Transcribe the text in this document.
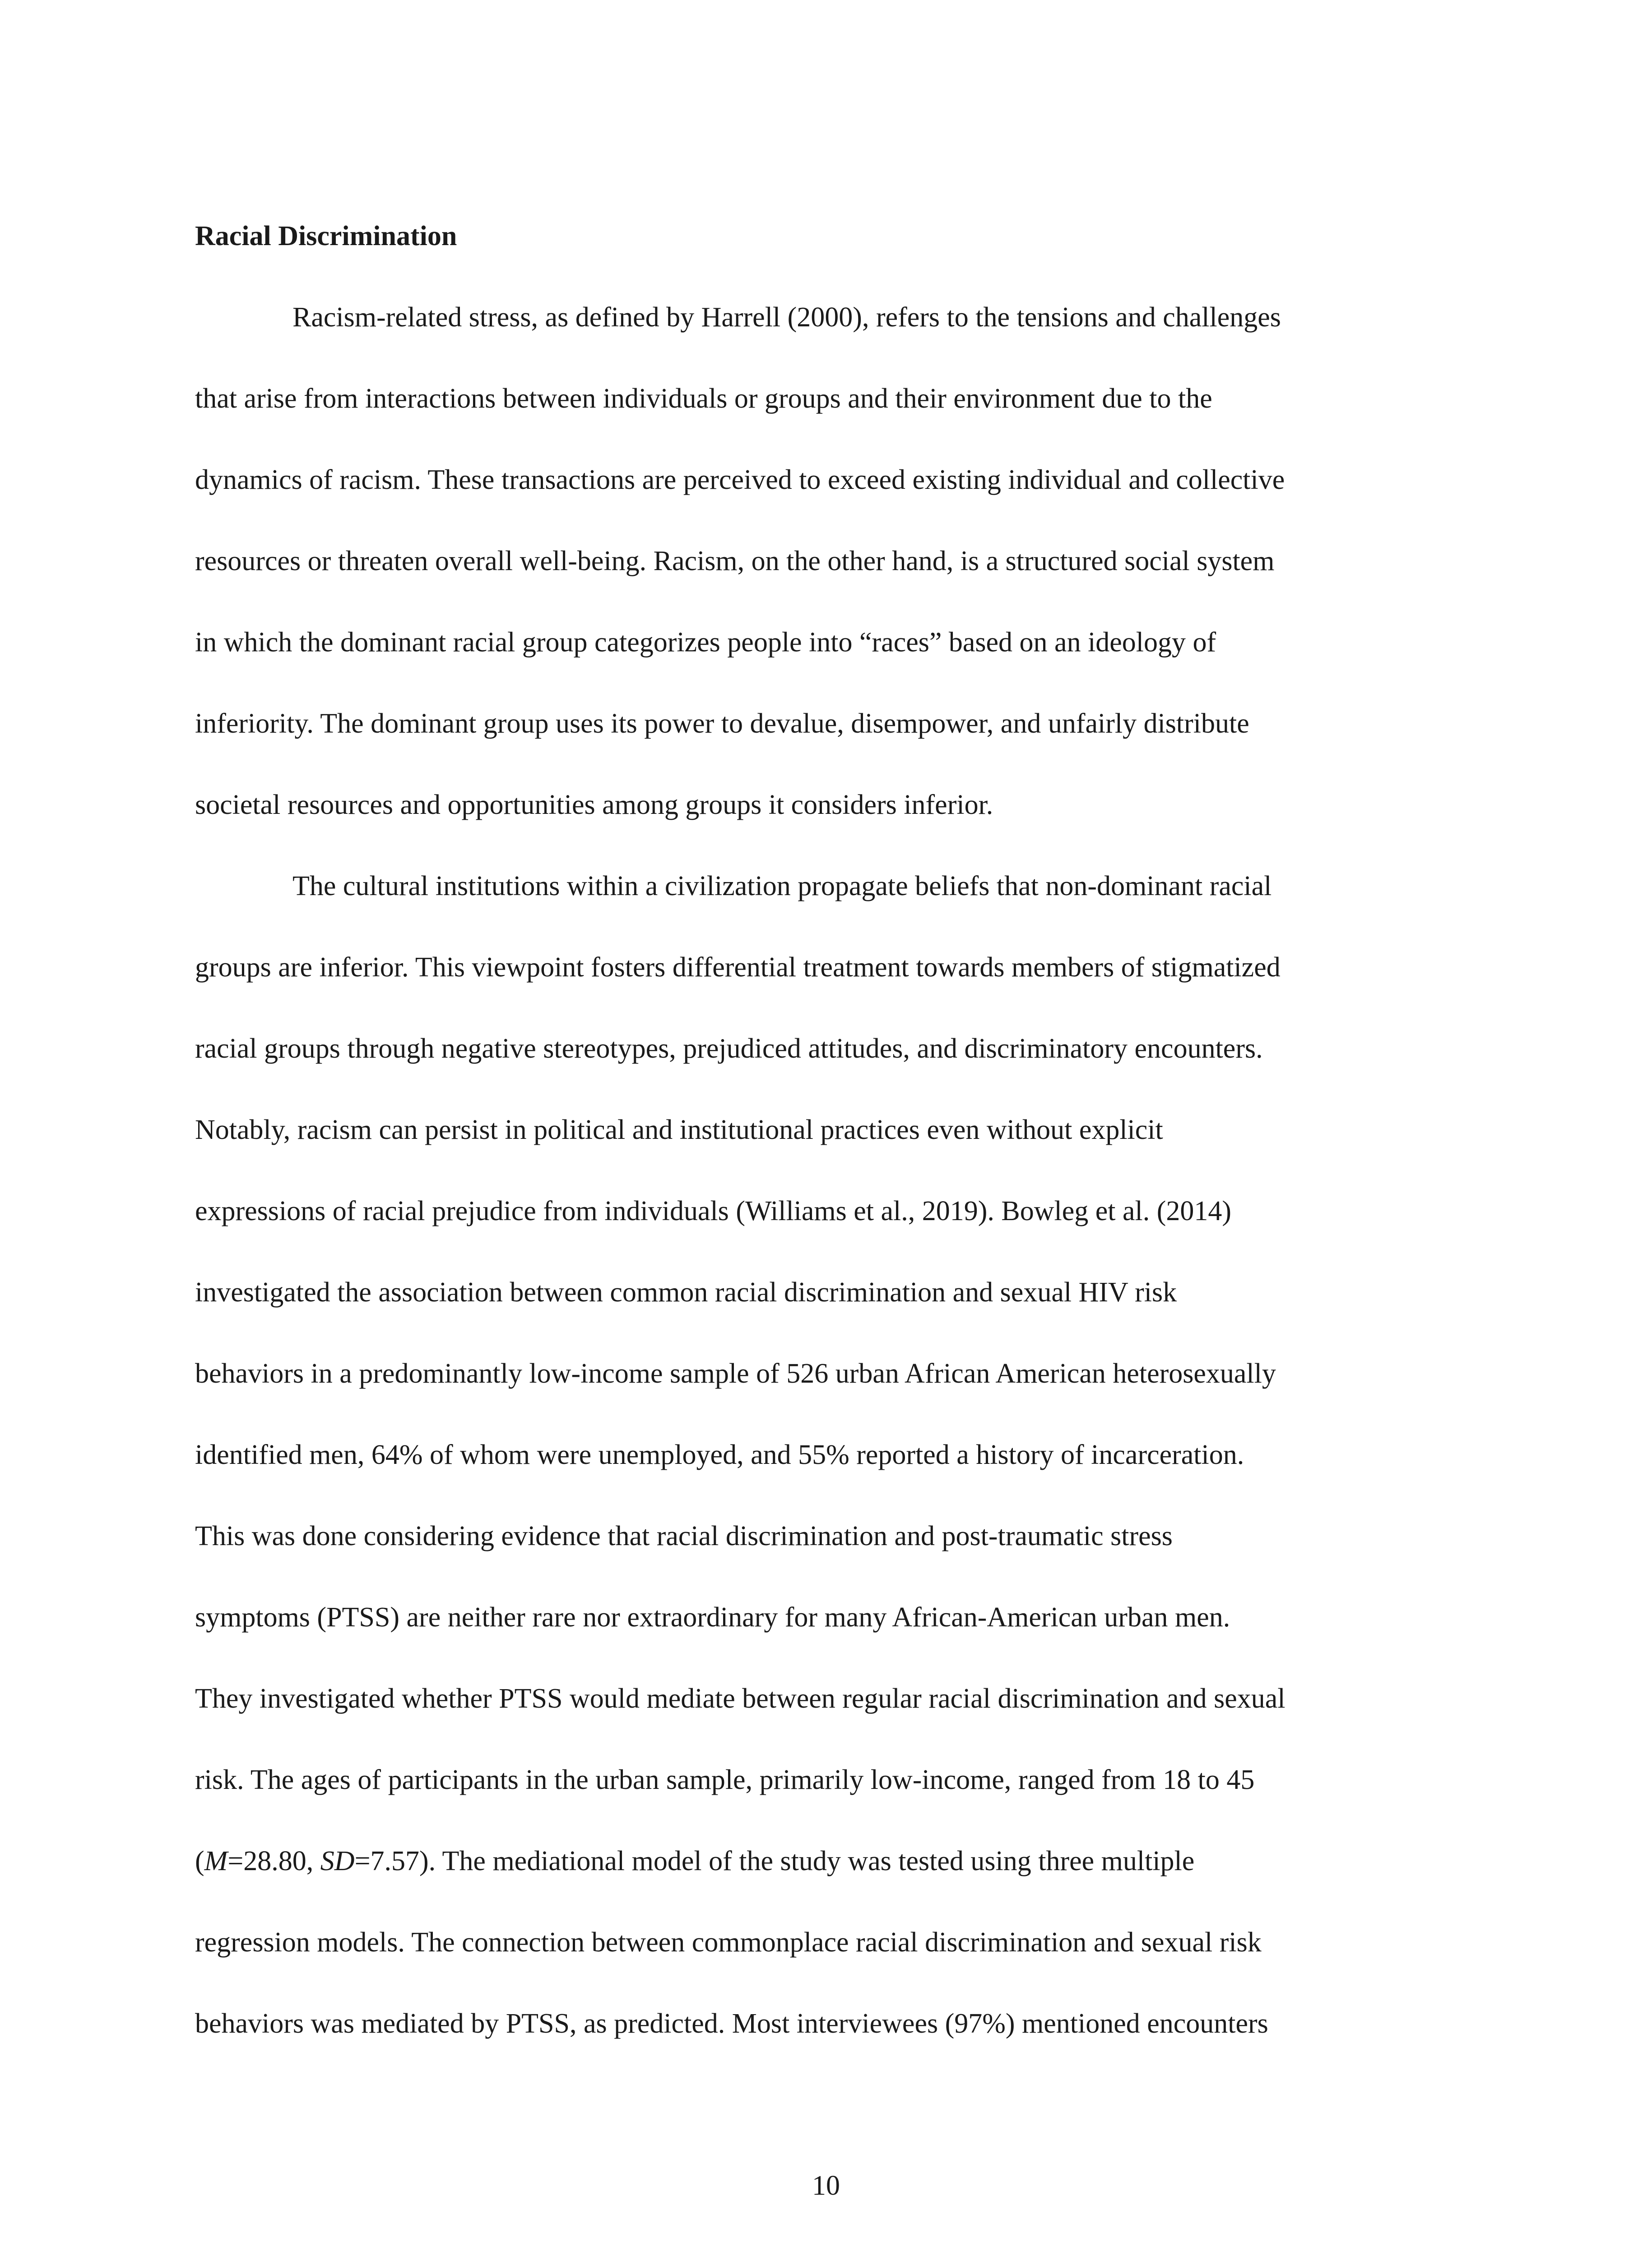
Racial Discrimination

Racism-related stress, as defined by Harrell (2000), refers to the tensions and challenges

that arise from interactions between individuals or groups and their environment due to the

dynamics of racism. These transactions are perceived to exceed existing individual and collective

resources or threaten overall well-being. Racism, on the other hand, is a structured social system

in which the dominant racial group categorizes people into “races” based on an ideology of

inferiority. The dominant group uses its power to devalue, disempower, and unfairly distribute

societal resources and opportunities among groups it considers inferior.

The cultural institutions within a civilization propagate beliefs that non-dominant racial

groups are inferior. This viewpoint fosters differential treatment towards members of stigmatized

racial groups through negative stereotypes, prejudiced attitudes, and discriminatory encounters.

Notably, racism can persist in political and institutional practices even without explicit

expressions of racial prejudice from individuals (Williams et al., 2019). Bowleg et al. (2014)

investigated the association between common racial discrimination and sexual HIV risk

behaviors in a predominantly low-income sample of 526 urban African American heterosexually

identified men, 64% of whom were unemployed, and 55% reported a history of incarceration.

This was done considering evidence that racial discrimination and post-traumatic stress

symptoms (PTSS) are neither rare nor extraordinary for many African-American urban men.

They investigated whether PTSS would mediate between regular racial discrimination and sexual

risk. The ages of participants in the urban sample, primarily low-income, ranged from 18 to 45

(M=28.80, SD=7.57). The mediational model of the study was tested using three multiple

regression models. The connection between commonplace racial discrimination and sexual risk

behaviors was mediated by PTSS, as predicted. Most interviewees (97%) mentioned encounters

10
